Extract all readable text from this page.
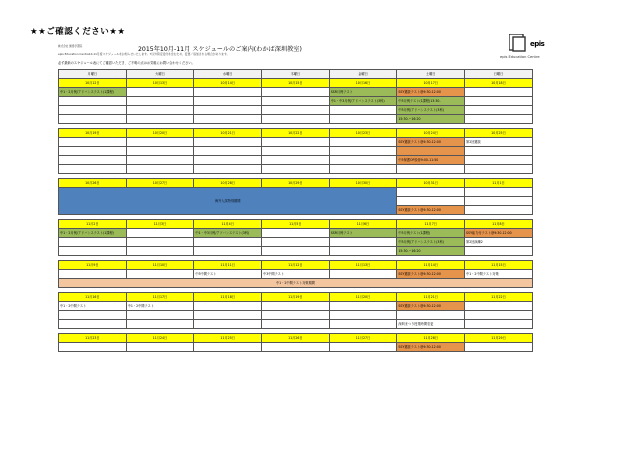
★★ご確認ください★★
株式会社 練馬学習院	2015年10月-11月 スケジュールのご案内(わかば深圳教室)
epis Education Centre10-11月度スケジュールをお知らせいたします。7以外質定受付を含むため、変更／追加される場合があります。
必ず最新のスケジュール表にてご確認いただき、ご不明の点はお気軽にお問い合わせください。
epis
epis Education Centre
月曜日	火曜日	水曜日	木曜日	金曜日	土曜日	日曜日
10月12日	10月13日	10月14日	10月15日	10月16日	10月17日	10月18日
中1・2月例/アドバンステスト(1課程)				SSR月例テスト	SSY選抜テスト@9:30-12:00	
				中1・中3月例/アドバンステスト(3科)	中3月例テスト(1課程)13:30-	
					中3月例/アドバンステスト(3科)	
					15:30-~16:20	

10月19日	10月20日	10月21日	10月22日	10月23日	10月24日	10月25日
					SSY選抜テスト@9:30-12:00	第2回選抜

					中3保護OP説@9:00-11:50	

10月26日	10月27日	10月28日	10月29日	10月30日	10月31日	11月1日
海外入試特別期間						

					SSY選抜テスト@9:30-12:00	

11月2日	11月3日	11月4日	11月5日	11月6日	11月7日	11月8日
中1・2月例/アドバンステスト(1課程)		中1・中3月例/アドバンステスト(3科)		SSR月例テスト	中3月例テスト(1課程)	SSY能力付テスト@9:30-12:00
					中3月例/アドバンステスト(3科)	第2回演練2
					15:30-~16:20	

11月9日	11月10日	11月11日	11月12日	11月13日	11月14日	11月15日
		中3中間テスト	中3中間テスト		SSY選抜テスト@9:30-12:00	中1・2中間テスト対策
中1・2中間テスト対策期間						

11月16日	11月17日	11月18日	11月19日	11月20日	11月21日	11月22日
中1・2中間テスト	中1・2中間テスト				SSY選抜テスト@9:30-12:00	

					深圳まつり授業時間変更	

11月23日	11月24日	11月25日	11月26日	11月27日	11月28日	11月29日
					SSY選抜テスト@9:30-12:00	
